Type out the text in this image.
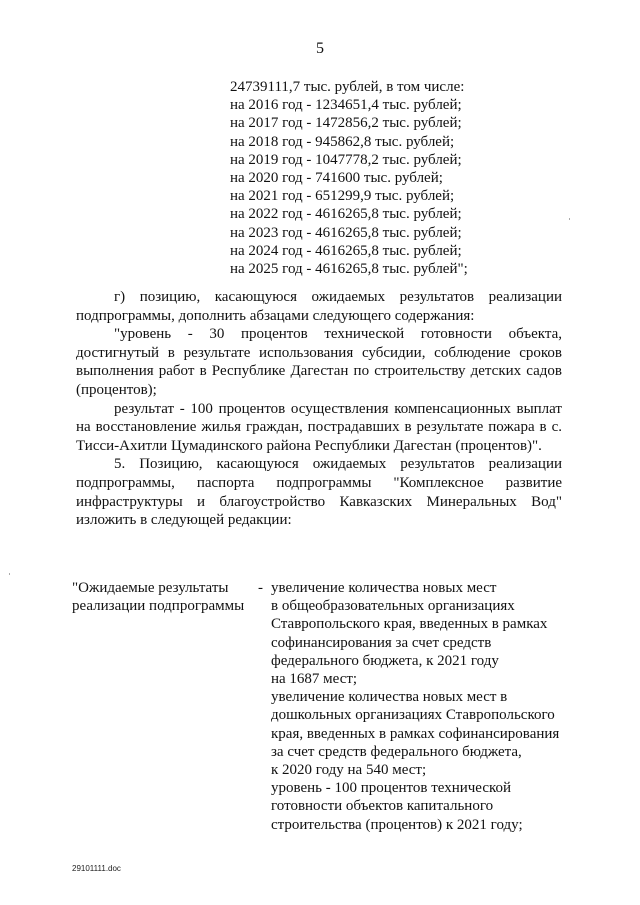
5
24739111,7 тыс. рублей, в том числе:
на 2016 год - 1234651,4 тыс. рублей;
на 2017 год - 1472856,2 тыс. рублей;
на 2018 год - 945862,8 тыс. рублей;
на 2019 год - 1047778,2 тыс. рублей;
на 2020 год - 741600 тыс. рублей;
на 2021 год - 651299,9 тыс. рублей;
на 2022 год - 4616265,8 тыс. рублей;
на 2023 год - 4616265,8 тыс. рублей;
на 2024 год - 4616265,8 тыс. рублей;
на 2025 год - 4616265,8 тыс. рублей";

г) позицию, касающуюся ожидаемых результатов реализации подпрограммы, дополнить абзацами следующего содержания:

"уровень - 30 процентов технической готовности объекта, достигнутый в результате использования субсидии, соблюдение сроков выполнения работ в Республике Дагестан по строительству детских садов (процентов);

результат - 100 процентов осуществления компенсационных выплат на восстановление жилья граждан, пострадавших в результате пожара в с. Тисси-Ахитли Цумадинского района Республики Дагестан (процентов)".

5. Позицию, касающуюся ожидаемых результатов реализации подпрограммы, паспорта подпрограммы "Комплексное развитие инфраструктуры и благоустройство Кавказских Минеральных Вод" изложить в следующей редакции:

"Ожидаемые результаты
реализации подпрограммы
- увеличение количества новых мест
в общеобразовательных организациях
Ставропольского края, введенных в рамках
софинансирования за счет средств
федерального бюджета, к 2021 году
на 1687 мест;
увеличение количества новых мест в
дошкольных организациях Ставропольского
края, введенных в рамках софинансирования
за счет средств федерального бюджета,
к 2020 году на 540 мест;
уровень - 100 процентов технической
готовности объектов капитального
строительства (процентов) к 2021 году;
29101111.doc
